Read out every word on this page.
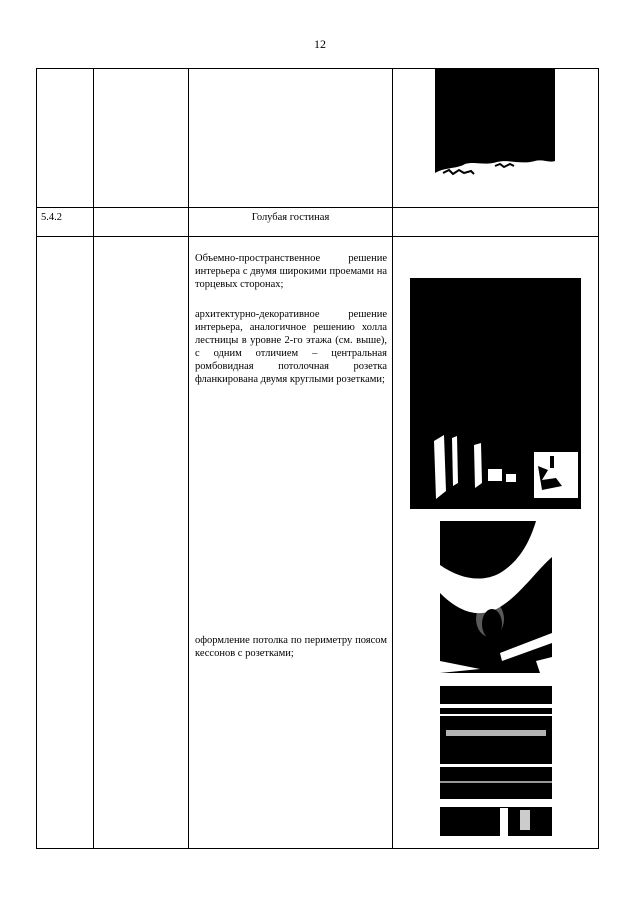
12
5.4.2	Голубая гостиная
Объемно-пространственное решение интерьера с двумя широкими проемами на торцевых сторонах;
архитектурно-декоративное решение интерьера, аналогичное решению холла лестницы в уровне 2-го этажа (см. выше), с одним отличием – центральная ромбовидная потолочная розетка фланкирована двумя круглыми розетками;
оформление потолка по периметру поясом кессонов с розетками;
